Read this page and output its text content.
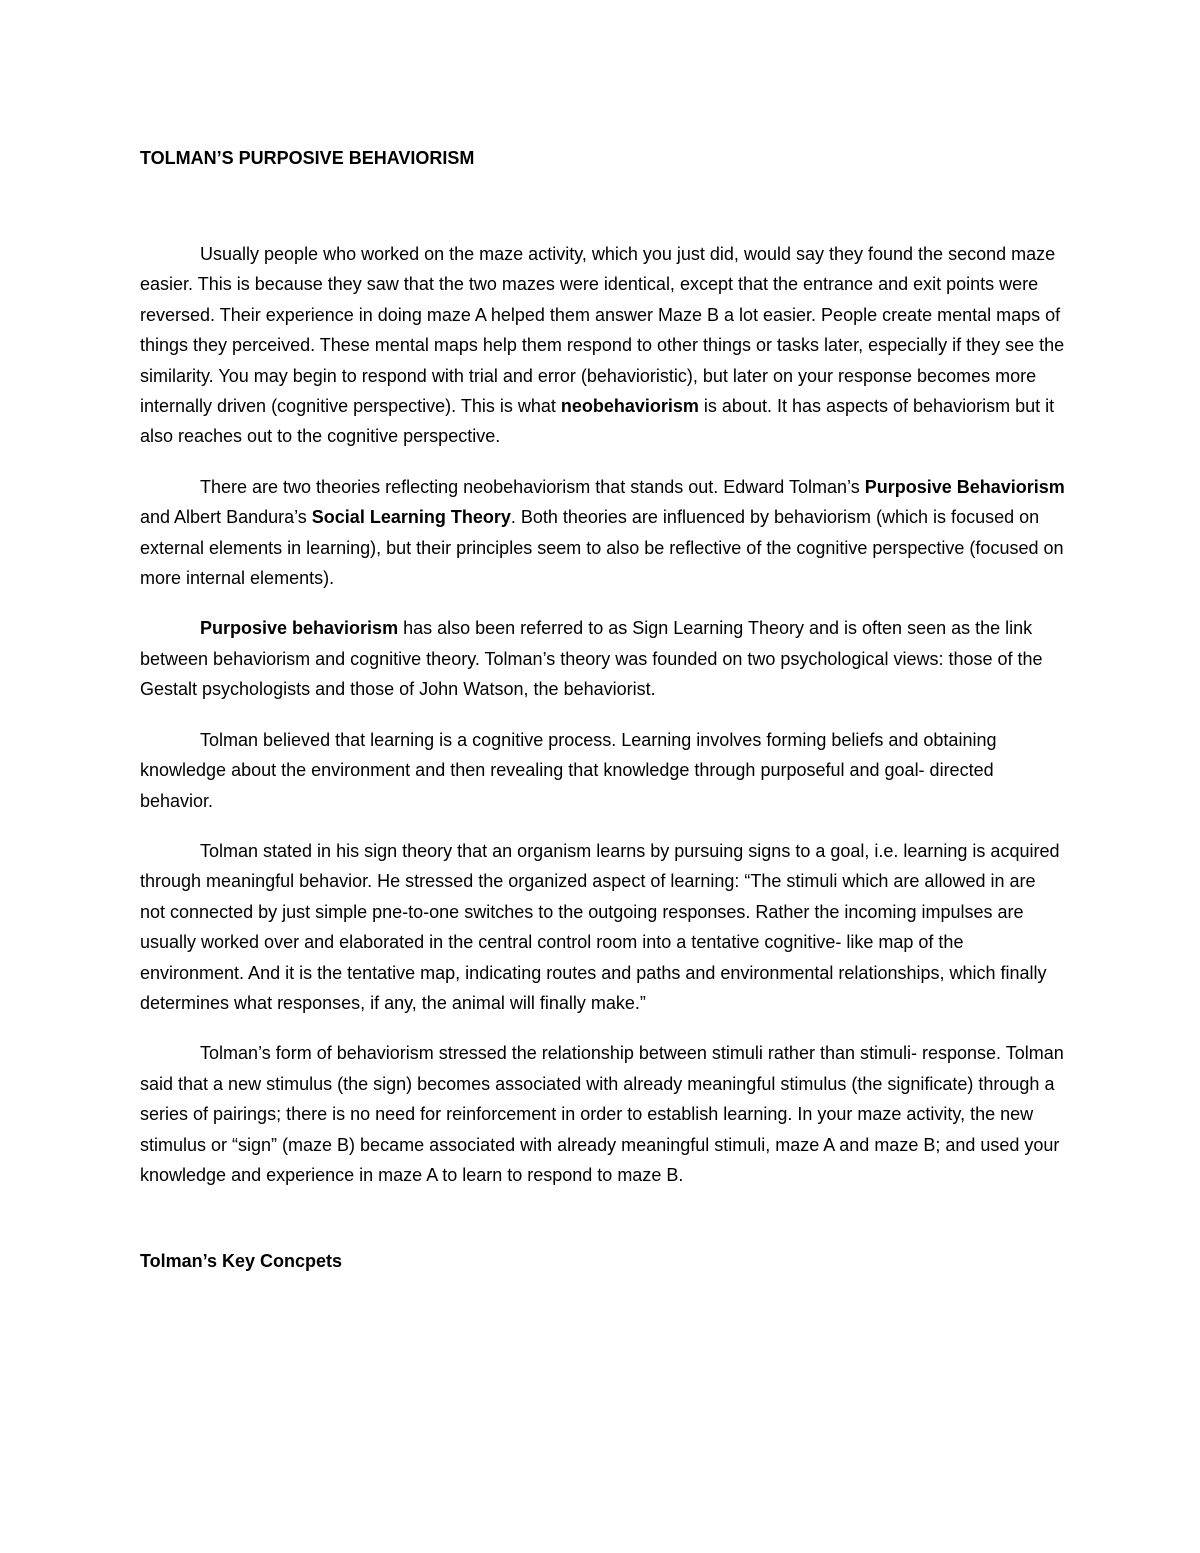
TOLMAN’S PURPOSIVE BEHAVIORISM

Usually people who worked on the maze activity, which you just did, would say they found the second maze easier. This is because they saw that the two mazes were identical, except that the entrance and exit points were reversed. Their experience in doing maze A helped them answer Maze B a lot easier. People create mental maps of things they perceived. These mental maps help them respond to other things or tasks later, especially if they see the similarity. You may begin to respond with trial and error (behavioristic), but later on your response becomes more internally driven (cognitive perspective). This is what neobehaviorism is about. It has aspects of behaviorism but it also reaches out to the cognitive perspective.

There are two theories reflecting neobehaviorism that stands out. Edward Tolman’s Purposive Behaviorism and Albert Bandura’s Social Learning Theory. Both theories are influenced by behaviorism (which is focused on external elements in learning), but their principles seem to also be reflective of the cognitive perspective (focused on more internal elements).

Purposive behaviorism has also been referred to as Sign Learning Theory and is often seen as the link between behaviorism and cognitive theory. Tolman’s theory was founded on two psychological views: those of the Gestalt psychologists and those of John Watson, the behaviorist.

Tolman believed that learning is a cognitive process. Learning involves forming beliefs and obtaining knowledge about the environment and then revealing that knowledge through purposeful and goal- directed behavior.

Tolman stated in his sign theory that an organism learns by pursuing signs to a goal, i.e. learning is acquired through meaningful behavior. He stressed the organized aspect of learning: “The stimuli which are allowed in are not connected by just simple pne-to-one switches to the outgoing responses. Rather the incoming impulses are usually worked over and elaborated in the central control room into a tentative cognitive- like map of the environment. And it is the tentative map, indicating routes and paths and environmental relationships, which finally determines what responses, if any, the animal will finally make.”

Tolman’s form of behaviorism stressed the relationship between stimuli rather than stimuli- response. Tolman said that a new stimulus (the sign) becomes associated with already meaningful stimulus (the significate) through a series of pairings; there is no need for reinforcement in order to establish learning. In your maze activity, the new stimulus or “sign” (maze B) became associated with already meaningful stimuli, maze A and maze B; and used your knowledge and experience in maze A to learn to respond to maze B.

Tolman’s Key Concpets
